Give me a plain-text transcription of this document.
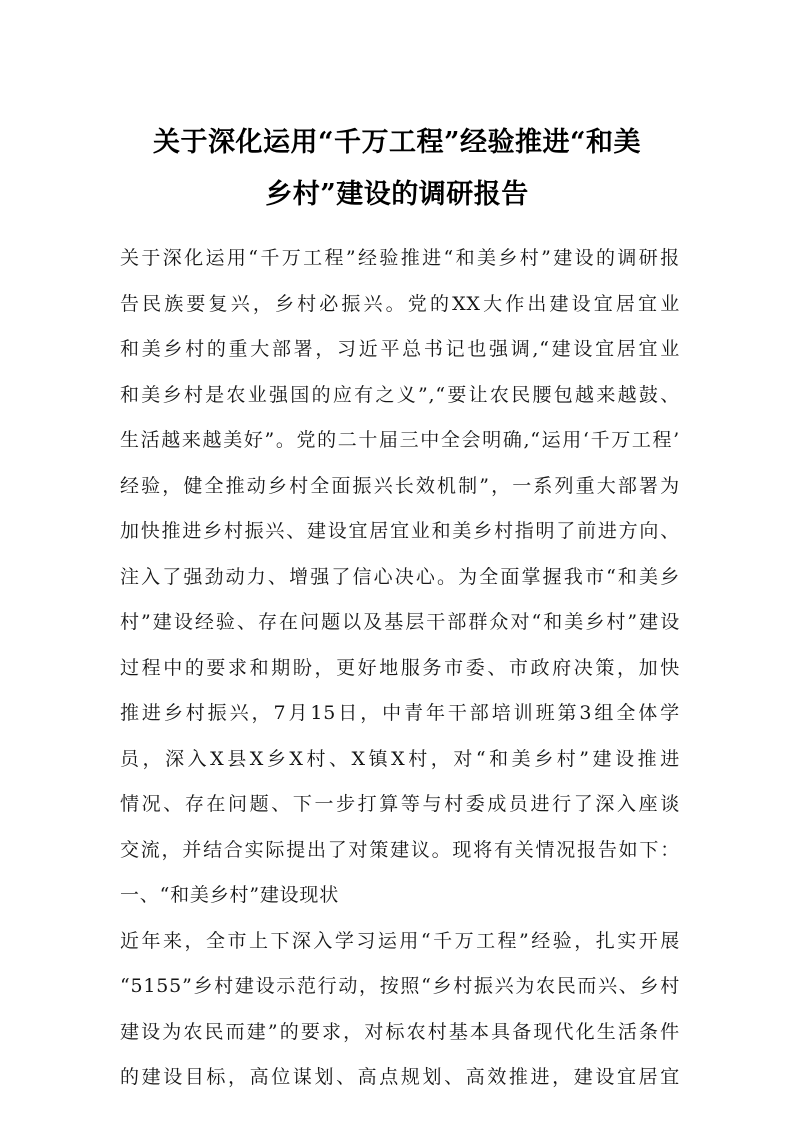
关于深化运用“千万工程”经验推进“和美
乡村”建设的调研报告
关于深化运用“千万工程”经验推进“和美乡村”建设的调研报
告民族要复兴，乡村必振兴。党的XX大作出建设宜居宜业
和美乡村的重大部署，习近平总书记也强调,“建设宜居宜业
和美乡村是农业强国的应有之义”,“要让农民腰包越来越鼓、
生活越来越美好”。党的二十届三中全会明确,“运用‘千万工程’
经验，健全推动乡村全面振兴长效机制”，一系列重大部署为
加快推进乡村振兴、建设宜居宜业和美乡村指明了前进方向、
注入了强劲动力、增强了信心决心。为全面掌握我市“和美乡
村”建设经验、存在问题以及基层干部群众对“和美乡村”建设
过程中的要求和期盼，更好地服务市委、市政府决策，加快
推进乡村振兴，7月15日，中青年干部培训班第3组全体学
员，深入X县X乡X村、X镇X村，对“和美乡村”建设推进
情况、存在问题、下一步打算等与村委成员进行了深入座谈
交流，并结合实际提出了对策建议。现将有关情况报告如下：
一、“和美乡村”建设现状
近年来，全市上下深入学习运用“千万工程”经验，扎实开展
“5155”乡村建设示范行动，按照“乡村振兴为农民而兴、乡村
建设为农民而建”的要求，对标农村基本具备现代化生活条件
的建设目标，高位谋划、高点规划、高效推进，建设宜居宜
